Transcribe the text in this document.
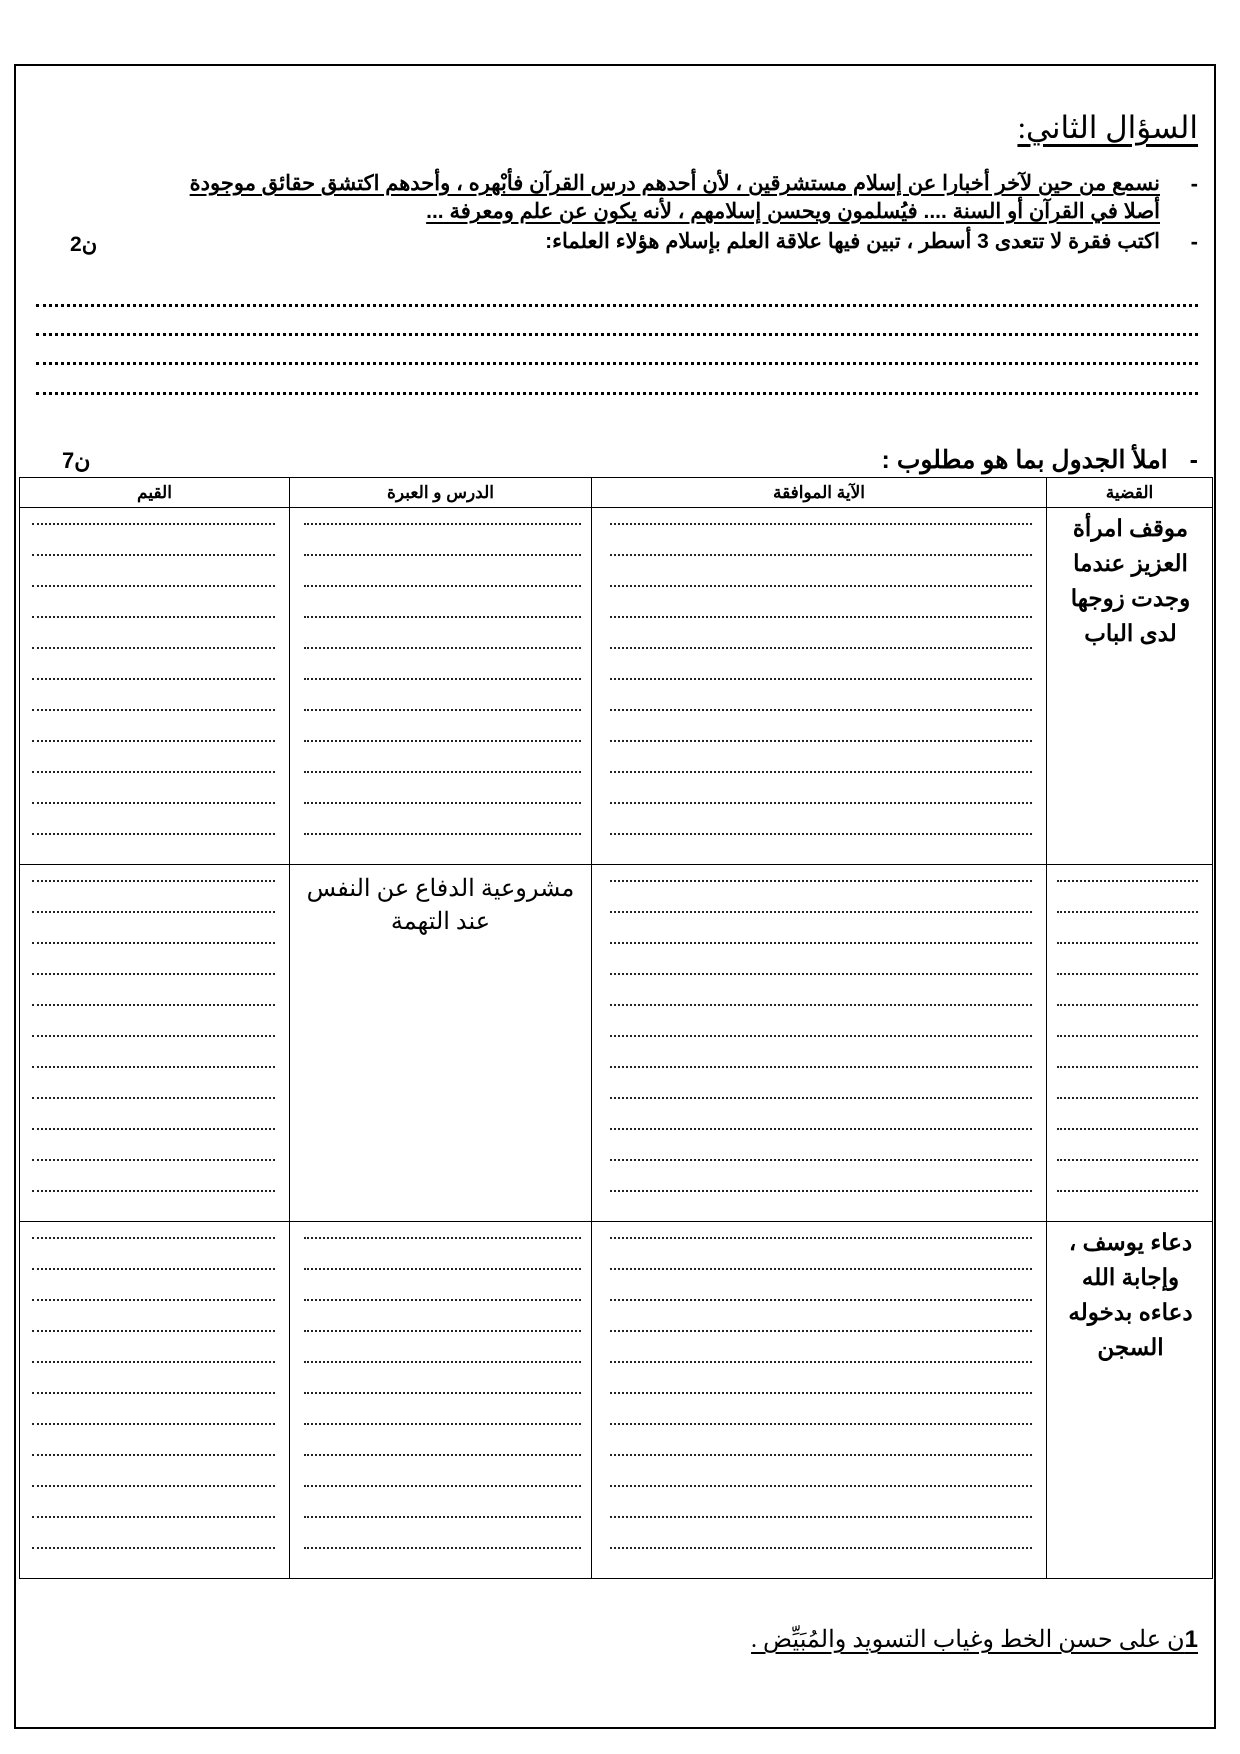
السؤال الثاني:
-
نسمع من حين لآخر أخبارا عن إسلام مستشرقين ، لأن أحدهم درس القرآن فأبْهره ، وأحدهم اكتشق حقائق موجودة
أصلا في القرآن أو السنة .... فيُسلمون ويحسن إسلامهم ، لأنه يكون عن علم ومعرفة ...
-
اكتب فقرة لا تتعدى 3 أسطر ، تبين فيها علاقة العلم بإسلام هؤلاء العلماء:
2ن
-املأ الجدول بما هو مطلوب :
7ن
القضية	الآية الموافقة	الدرس و العبرة	القيم
موقف امرأة العزيز عندما وجدت زوجها لدى الباب	

		مشروعية الدفاع عن النفس عند التهمة	

دعاء يوسف ، وإجابة الله دعاءه بدخوله السجن	

1ن على حسن الخط وغياب التسويد والمُبَيِّض .
